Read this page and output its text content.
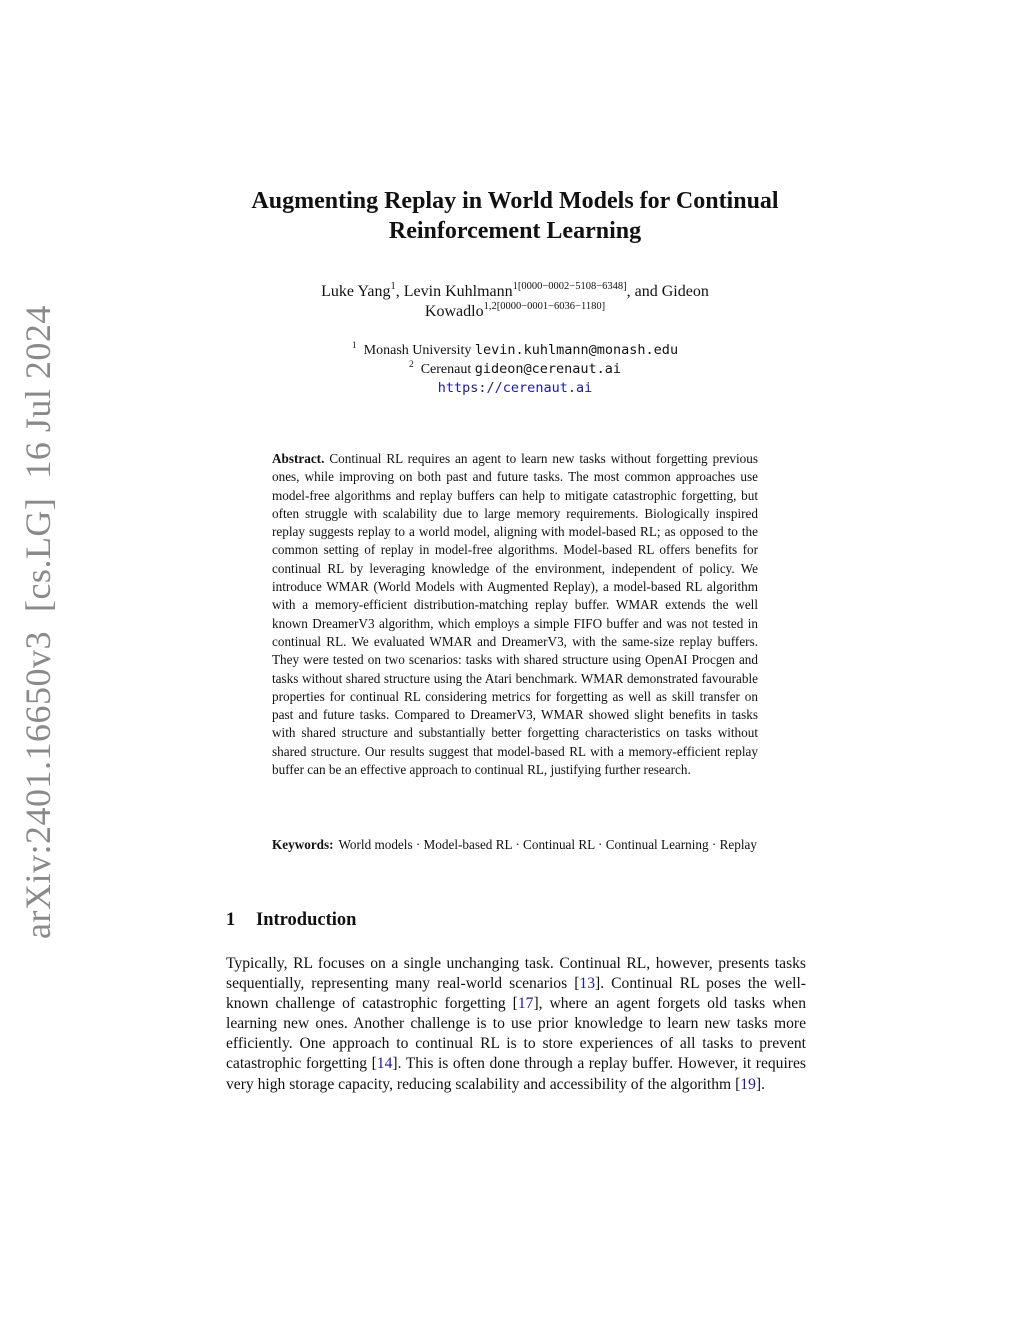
arXiv:2401.16650v3  [cs.LG]  16 Jul 2024
Augmenting Replay in World Models for Continual
Reinforcement Learning
Luke Yang$^1$, Levin Kuhlmann$^{1[0000-0002-5108-6348]}$, and Gideon
Kowadlo$^{1,2[0000-0001-6036-1180]}$
$^1$ Monash University levin.kuhlmann@monash.edu
$^2$ Cerenaut gideon@cerenaut.ai
https://cerenaut.ai
Abstract. Continual RL requires an agent to learn new tasks without forgetting previous ones, while improving on both past and future tasks. The most common approaches use model-free algorithms and replay buffers can help to mitigate catastrophic forgetting, but often struggle with scalability due to large memory requirements. Biologically inspired replay suggests replay to a world model, aligning with model-based RL; as opposed to the common setting of replay in model-free algorithms. Model-based RL offers benefits for continual RL by leveraging knowledge of the environment, independent of policy. We introduce WMAR (World Models with Augmented Replay), a model-based RL algorithm with a memory-efficient distribution-matching replay buffer. WMAR extends the well known DreamerV3 algorithm, which employs a simple FIFO buffer and was not tested in continual RL. We evaluated WMAR and DreamerV3, with the same-size replay buffers. They were tested on two scenarios: tasks with shared structure using OpenAI Procgen and tasks without shared structure using the Atari benchmark. WMAR demonstrated favourable properties for continual RL considering metrics for forgetting as well as skill transfer on past and future tasks. Compared to DreamerV3, WMAR showed slight benefits in tasks with shared structure and substantially better forgetting characteristics on tasks without shared structure. Our results suggest that model-based RL with a memory-efficient replay buffer can be an effective approach to continual RL, justifying further research.
Keywords: World models · Model-based RL · Continual RL · Continual Learning · Replay
1 Introduction
Typically, RL focuses on a single unchanging task. Continual RL, however, presents tasks sequentially, representing many real-world scenarios [13]. Continual RL poses the well-known challenge of catastrophic forgetting [17], where an agent forgets old tasks when learning new ones. Another challenge is to use prior knowledge to learn new tasks more efficiently. One approach to continual RL is to store experiences of all tasks to prevent catastrophic forgetting [14]. This is often done through a replay buffer. However, it requires very high storage capacity, reducing scalability and accessibility of the algorithm [19].
